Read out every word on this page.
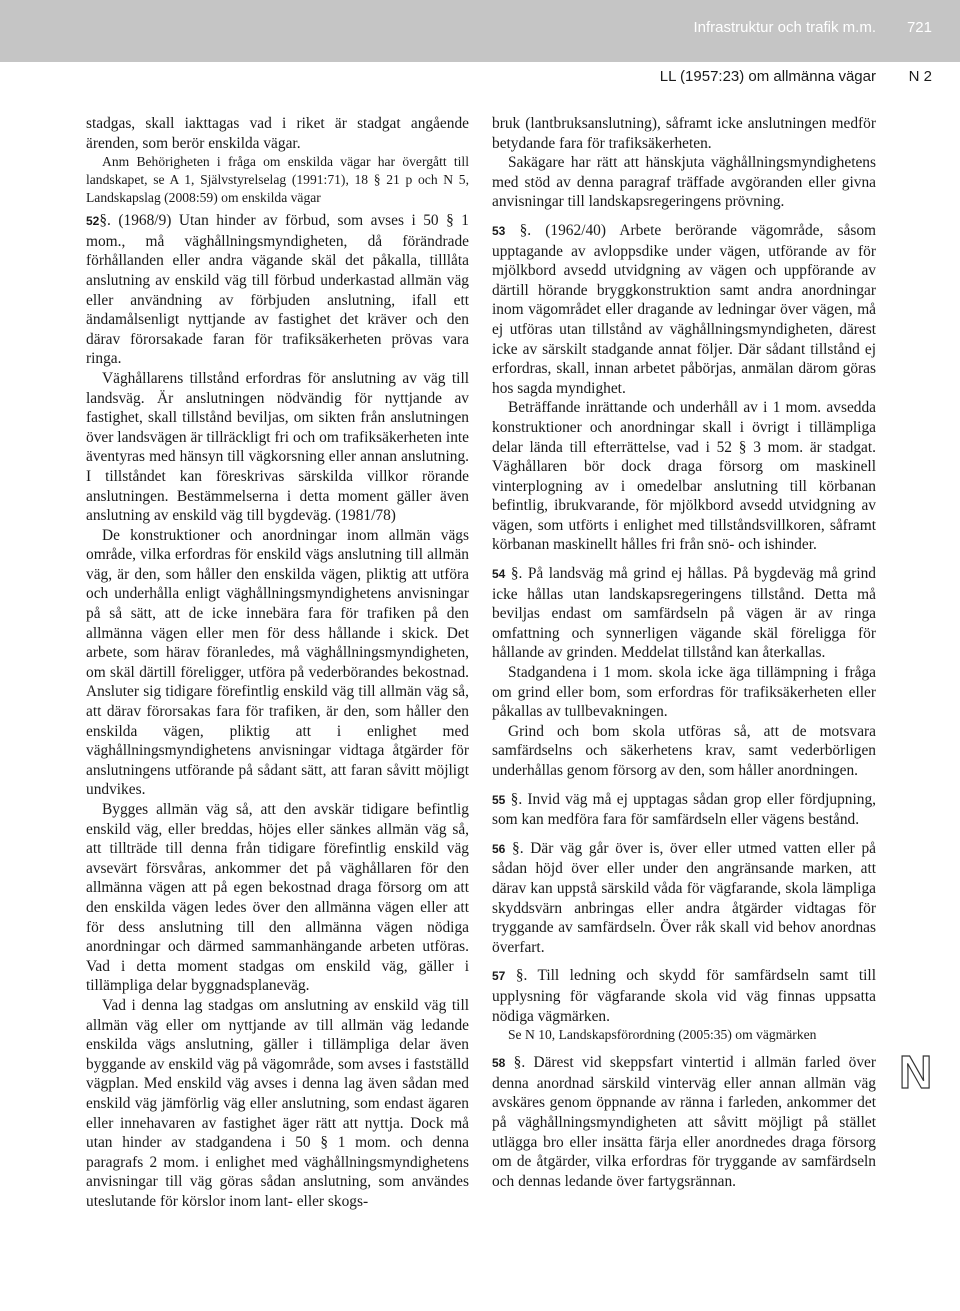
Infrastruktur och trafik m.m. 721
LL (1957:23) om allmänna vägar N 2

stadgas, skall iakttagas vad i riket är stadgat angående ärenden, som berör enskilda vägar.

Anm Behörigheten i fråga om enskilda vägar har övergått till landskapet, se A 1, Självstyrelselag (1991:71), 18 § 21 p och N 5, Landskapslag (2008:59) om enskilda vägar

52§. (1968/9) Utan hinder av förbud, som avses i 50 § 1 mom., må väghållningsmyndigheten, då förändrade förhållanden eller andra vägande skäl det påkalla, tilllåta anslutning av enskild väg till förbud underkastad allmän väg eller användning av förbjuden anslutning, ifall ett ändamålsenligt nyttjande av fastighet det kräver och den därav förorsakade faran för trafiksäkerheten prövas vara ringa.

Väghållarens tillstånd erfordras för anslutning av väg till landsväg. Är anslutningen nödvändig för nyttjande av fastighet, skall tillstånd beviljas, om sikten från anslutningen över landsvägen är tillräckligt fri och om trafiksäkerheten inte äventyras med hänsyn till vägkorsning eller annan anslutning. I tillståndet kan föreskrivas särskilda villkor rörande anslutningen. Bestämmelserna i detta moment gäller även anslutning av enskild väg till bygdeväg. (1981/78)

De konstruktioner och anordningar inom allmän vägs område, vilka erfordras för enskild vägs anslutning till allmän väg, är den, som håller den enskilda vägen, pliktig att utföra och underhålla enligt väghållningsmyndighetens anvisningar på så sätt, att de icke innebära fara för trafiken på den allmänna vägen eller men för dess hållande i skick. Det arbete, som härav föranledes, må väghållningsmyndigheten, om skäl därtill föreligger, utföra på vederbörandes bekostnad. Ansluter sig tidigare förefintlig enskild väg till allmän väg så, att därav förorsakas fara för trafiken, är den, som håller den enskilda vägen, pliktig att i enlighet med väghållningsmyndighetens anvisningar vidtaga åtgärder för anslutningens utförande på sådant sätt, att faran såvitt möjligt undvikes.

Bygges allmän väg så, att den avskär tidigare befintlig enskild väg, eller breddas, höjes eller sänkes allmän väg så, att tillträde till denna från tidigare förefintlig enskild väg avsevärt försvåras, ankommer det på väghållaren för den allmänna vägen att på egen bekostnad draga försorg om att den enskilda vägen ledes över den allmänna vägen eller att för dess anslutning till den allmänna vägen nödiga anordningar och därmed sammanhängande arbeten utföras. Vad i detta moment stadgas om enskild väg, gäller i tillämpliga delar byggnadsplaneväg.

Vad i denna lag stadgas om anslutning av enskild väg till allmän väg eller om nyttjande av till allmän väg ledande enskilda vägs anslutning, gäller i tillämpliga delar även byggande av enskild väg på vägområde, som avses i fastställd vägplan. Med enskild väg avses i denna lag även sådan med enskild väg jämförlig väg eller anslutning, som endast ägaren eller innehavaren av fastighet äger rätt att nyttja. Dock må utan hinder av stadgandena i 50 § 1 mom. och denna paragrafs 2 mom. i enlighet med väghållningsmyndighetens anvisningar till väg göras sådan anslutning, som användes uteslutande för körslor inom lant- eller skogs-

bruk (lantbruksanslutning), såframt icke anslutningen medför betydande fara för trafiksäkerheten.

Sakägare har rätt att hänskjuta väghållningsmyndighetens med stöd av denna paragraf träffade avgöranden eller givna anvisningar till landskapsregeringens prövning.

53 §. (1962/40) Arbete berörande vägområde, såsom upptagande av avloppsdike under vägen, utförande av för mjölkbord avsedd utvidgning av vägen och uppförande av därtill hörande bryggkonstruktion samt andra anordningar inom vägområdet eller dragande av ledningar över vägen, må ej utföras utan tillstånd av väghållningsmyndigheten, därest icke av särskilt stadgande annat följer. Där sådant tillstånd ej erfordras, skall, innan arbetet påbörjas, anmälan därom göras hos sagda myndighet.

Beträffande inrättande och underhåll av i 1 mom. avsedda konstruktioner och anordningar skall i övrigt i tillämpliga delar lända till efterrättelse, vad i 52 § 3 mom. är stadgat. Väghållaren bör dock draga försorg om maskinell vinterplogning av i omedelbar anslutning till körbanan befintlig, ibrukvarande, för mjölkbord avsedd utvidgning av vägen, som utförts i enlighet med tillståndsvillkoren, såframt körbanan maskinellt hålles fri från snö- och ishinder.

54 §. På landsväg må grind ej hållas. På bygdeväg må grind icke hållas utan landskapsregeringens tillstånd. Detta må beviljas endast om samfärdseln på vägen är av ringa omfattning och synnerligen vägande skäl föreligga för hållande av grinden. Meddelat tillstånd kan återkallas.

Stadgandena i 1 mom. skola icke äga tillämpning i fråga om grind eller bom, som erfordras för trafiksäkerheten eller påkallas av tullbevakningen.

Grind och bom skola utföras så, att de motsvara samfärdselns och säkerhetens krav, samt vederbörligen underhållas genom försorg av den, som håller anordningen.

55 §. Invid väg må ej upptagas sådan grop eller fördjupning, som kan medföra fara för samfärdseln eller vägens bestånd.

56 §. Där väg går över is, över eller utmed vatten eller på sådan höjd över eller under den angränsande marken, att därav kan uppstå särskild våda för vägfarande, skola lämpliga skyddsvärn anbringas eller andra åtgärder vidtagas för tryggande av samfärdseln. Över råk skall vid behov anordnas överfart.

57 §. Till ledning och skydd för samfärdseln samt till upplysning för vägfarande skola vid väg finnas uppsatta nödiga vägmärken.

Se N 10, Landskapsförordning (2005:35) om vägmärken

58 §. Därest vid skeppsfart vintertid i allmän farled över denna anordnad särskild vinterväg eller annan allmän väg avskäres genom öppnande av ränna i farleden, ankommer det på väghållningsmyndigheten att såvitt möjligt på stället utlägga bro eller insätta färja eller anordnedes draga försorg om de åtgärder, vilka erfordras för tryggande av samfärdseln och dennas ledande över fartygsrännan.

N
